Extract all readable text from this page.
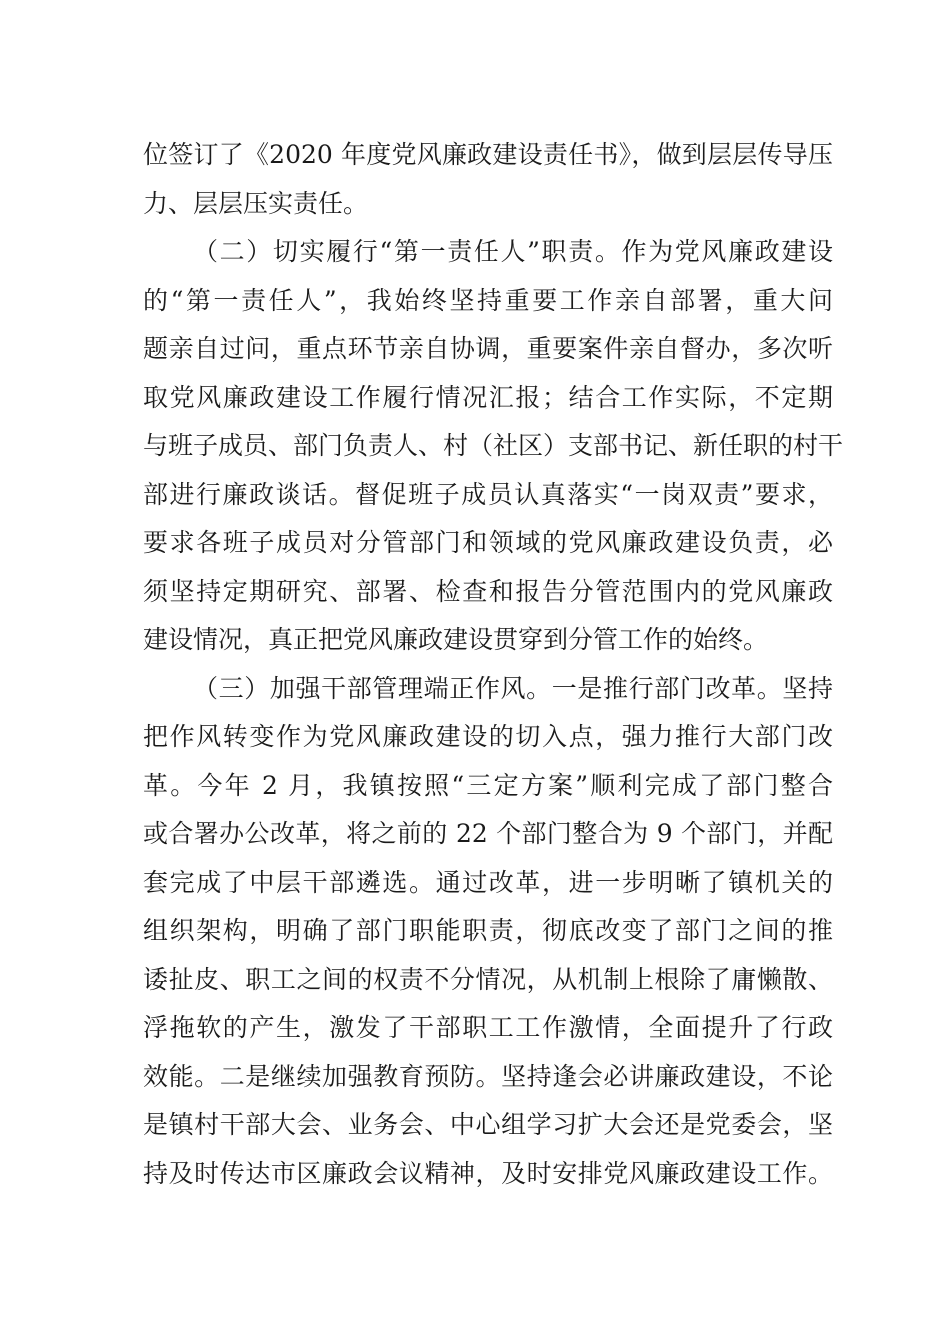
位签订了《2020 年度党风廉政建设责任书》，做到层层传导压
力、层层压实责任。
（二）切实履行“第一责任人”职责。作为党风廉政建设
的“第一责任人”，我始终坚持重要工作亲自部署，重大问
题亲自过问，重点环节亲自协调，重要案件亲自督办，多次听
取党风廉政建设工作履行情况汇报；结合工作实际，不定期
与班子成员、部门负责人、村（社区）支部书记、新任职的村干
部进行廉政谈话。督促班子成员认真落实“一岗双责”要求，
要求各班子成员对分管部门和领域的党风廉政建设负责，必
须坚持定期研究、部署、检查和报告分管范围内的党风廉政
建设情况，真正把党风廉政建设贯穿到分管工作的始终。
（三）加强干部管理端正作风。一是推行部门改革。坚持
把作风转变作为党风廉政建设的切入点，强力推行大部门改
革。今年 2 月，我镇按照“三定方案”顺利完成了部门整合
或合署办公改革，将之前的 22 个部门整合为 9 个部门，并配
套完成了中层干部遴选。通过改革，进一步明晰了镇机关的
组织架构，明确了部门职能职责，彻底改变了部门之间的推
诿扯皮、职工之间的权责不分情况，从机制上根除了庸懒散、
浮拖软的产生，激发了干部职工工作激情，全面提升了行政
效能。二是继续加强教育预防。坚持逢会必讲廉政建设，不论
是镇村干部大会、业务会、中心组学习扩大会还是党委会，坚
持及时传达市区廉政会议精神，及时安排党风廉政建设工作。
